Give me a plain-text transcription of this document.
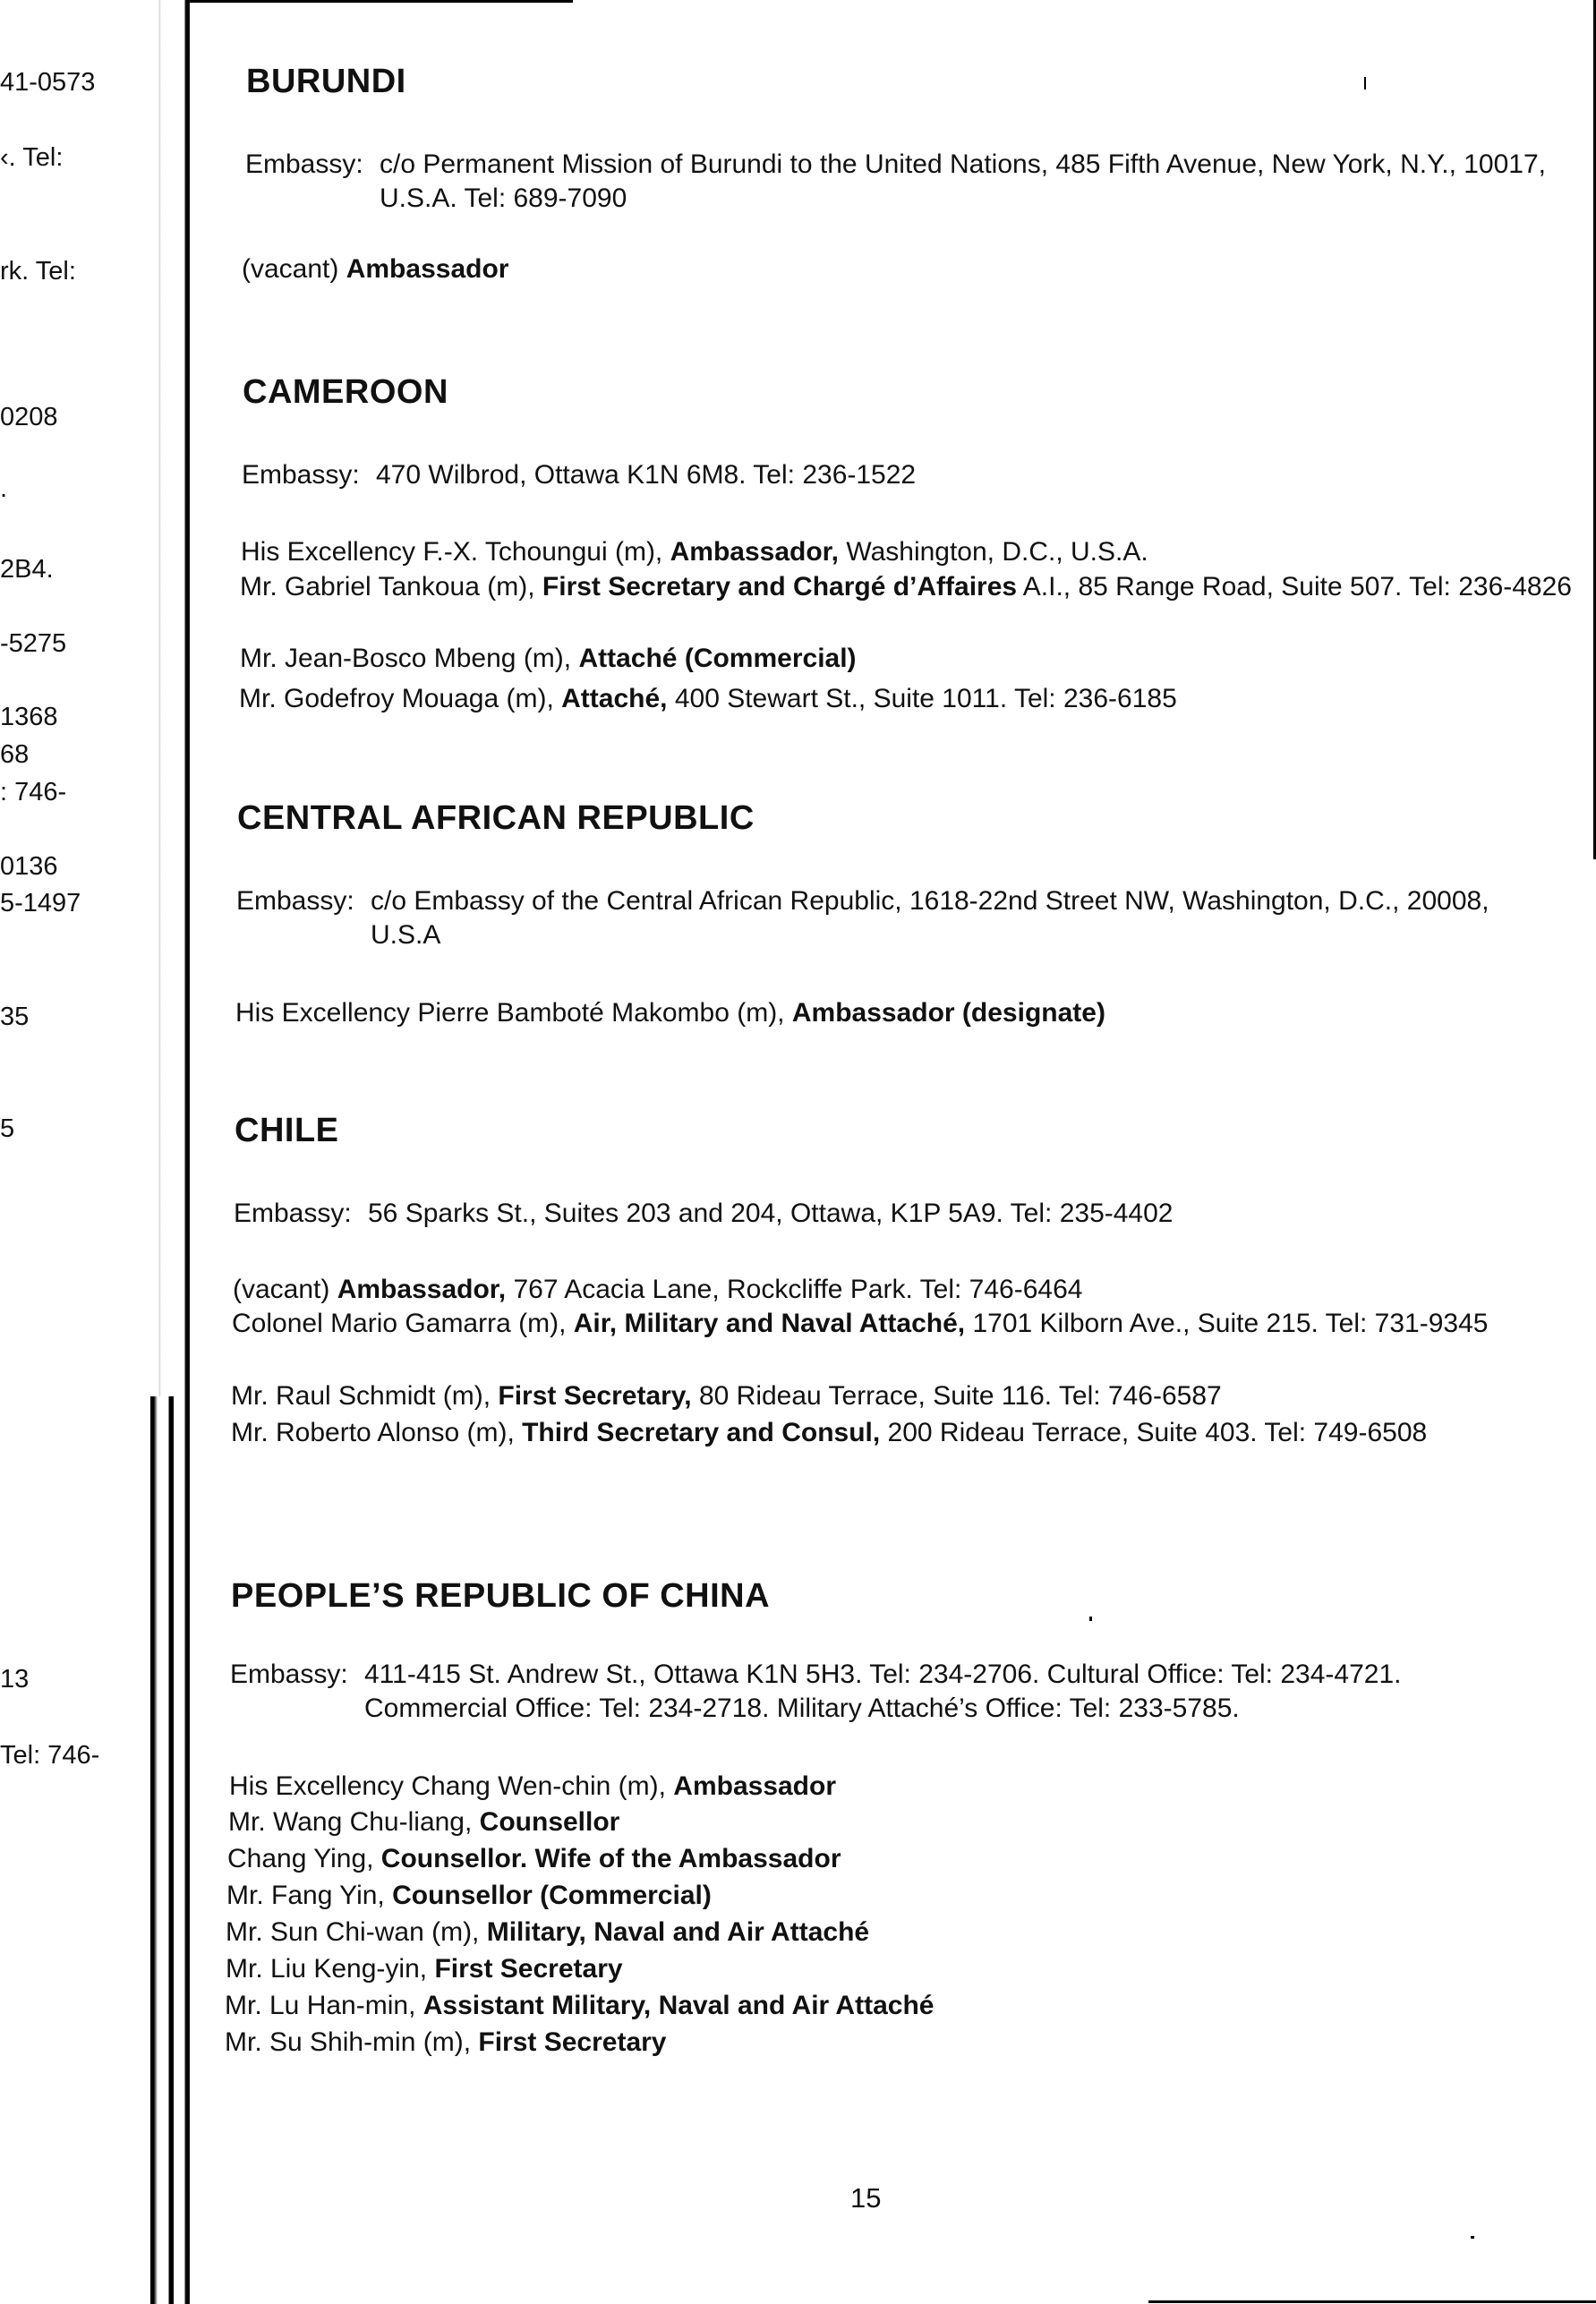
41-0573
‹. Tel:
rk. Tel:
0208
.
2B4.
-5275
1368
68
: 746-
0136
5-1497
35
5
13
Tel: 746-
BURUNDI
Embassy: c/o Permanent Mission of Burundi to the United Nations, 485 Fifth Avenue, New York, N.Y., 10017, U.S.A. Tel: 689-7090
(vacant) Ambassador
CAMEROON
Embassy: 470 Wilbrod, Ottawa K1N 6M8. Tel: 236-1522
His Excellency F.-X. Tchoungui (m), Ambassador, Washington, D.C., U.S.A.
Mr. Gabriel Tankoua (m), First Secretary and Chargé d’Affaires A.I., 85 Range Road, Suite 507. Tel: 236-4826
Mr. Jean-Bosco Mbeng (m), Attaché (Commercial)
Mr. Godefroy Mouaga (m), Attaché, 400 Stewart St., Suite 1011. Tel: 236-6185
CENTRAL AFRICAN REPUBLIC
Embassy: c/o Embassy of the Central African Republic, 1618-22nd Street NW, Washington, D.C., 20008, U.S.A
His Excellency Pierre Bamboté Makombo (m), Ambassador (designate)
CHILE
Embassy: 56 Sparks St., Suites 203 and 204, Ottawa, K1P 5A9. Tel: 235-4402
(vacant) Ambassador, 767 Acacia Lane, Rockcliffe Park. Tel: 746-6464
Colonel Mario Gamarra (m), Air, Military and Naval Attaché, 1701 Kilborn Ave., Suite 215. Tel: 731-9345
Mr. Raul Schmidt (m), First Secretary, 80 Rideau Terrace, Suite 116. Tel: 746-6587
Mr. Roberto Alonso (m), Third Secretary and Consul, 200 Rideau Terrace, Suite 403. Tel: 749-6508
PEOPLE’S REPUBLIC OF CHINA
Embassy: 411-415 St. Andrew St., Ottawa K1N 5H3. Tel: 234-2706. Cultural Office: Tel: 234-4721. Commercial Office: Tel: 234-2718. Military Attaché’s Office: Tel: 233-5785.
His Excellency Chang Wen-chin (m), Ambassador
Mr. Wang Chu-liang, Counsellor
Chang Ying, Counsellor. Wife of the Ambassador
Mr. Fang Yin, Counsellor (Commercial)
Mr. Sun Chi-wan (m), Military, Naval and Air Attaché
Mr. Liu Keng-yin, First Secretary
Mr. Lu Han-min, Assistant Military, Naval and Air Attaché
Mr. Su Shih-min (m), First Secretary
15
